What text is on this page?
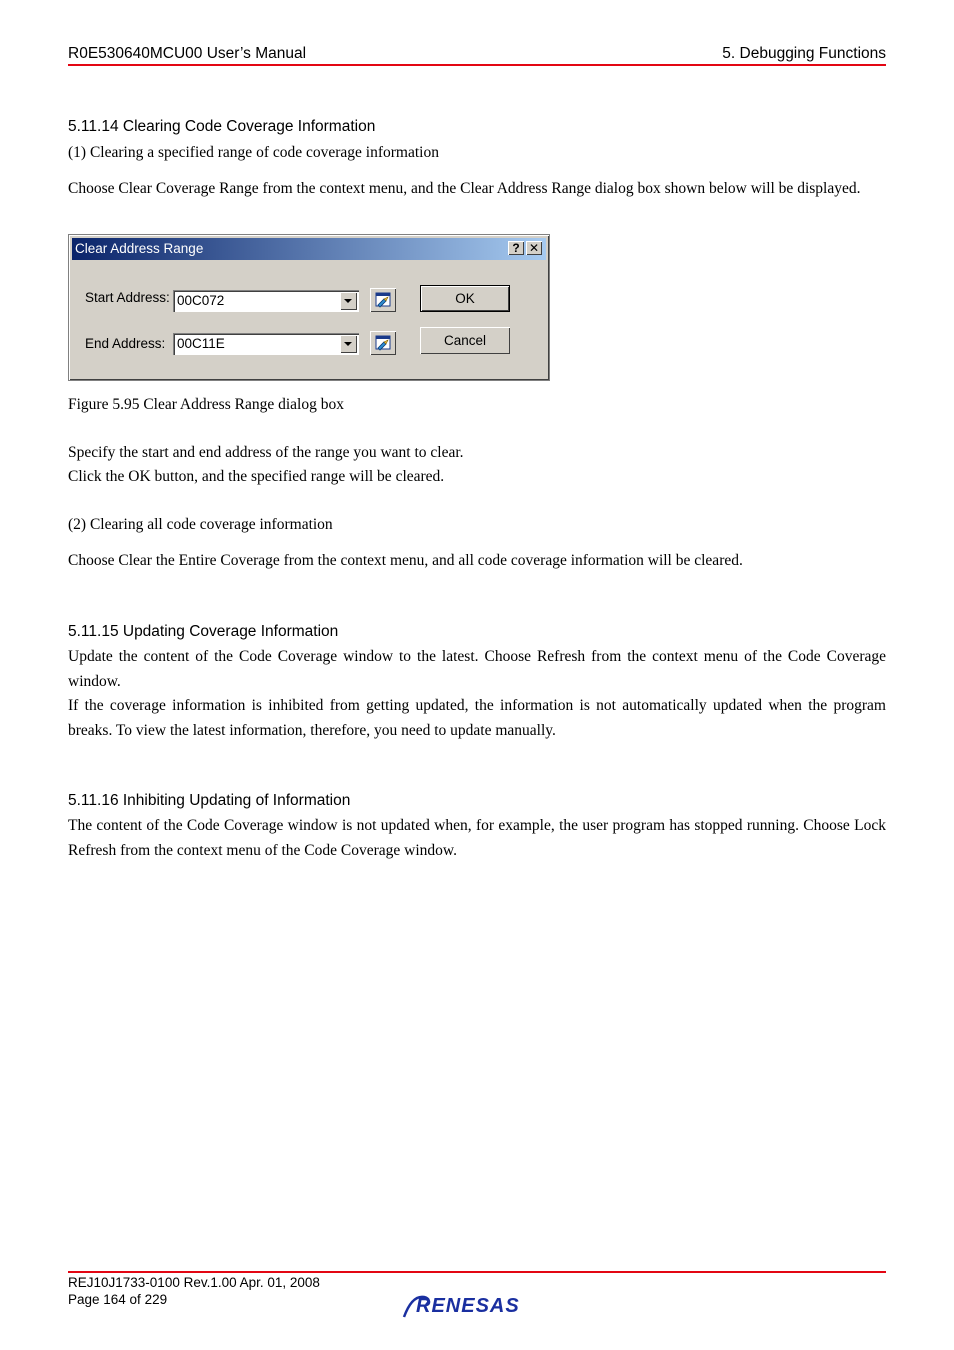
R0E530640MCU00 User’s Manual	5. Debugging Functions
5.11.14 Clearing Code Coverage Information
(1) Clearing a specified range of code coverage information
Choose Clear Coverage Range from the context menu, and the Clear Address Range dialog box shown below will be displayed.
Clear Address Range	? ✕
Start Address: 00C072
End Address: 00C11E
OK
Cancel
Figure 5.95 Clear Address Range dialog box
Specify the start and end address of the range you want to clear.
Click the OK button, and the specified range will be cleared.
(2) Clearing all code coverage information
Choose Clear the Entire Coverage from the context menu, and all code coverage information will be cleared.
5.11.15 Updating Coverage Information
Update the content of the Code Coverage window to the latest. Choose Refresh from the context menu of the Code Coverage window.
If the coverage information is inhibited from getting updated, the information is not automatically updated when the program breaks. To view the latest information, therefore, you need to update manually.
5.11.16 Inhibiting Updating of Information
The content of the Code Coverage window is not updated when, for example, the user program has stopped running. Choose Lock Refresh from the context menu of the Code Coverage window.
REJ10J1733-0100 Rev.1.00 Apr. 01, 2008
Page 164 of 229	RENESAS
